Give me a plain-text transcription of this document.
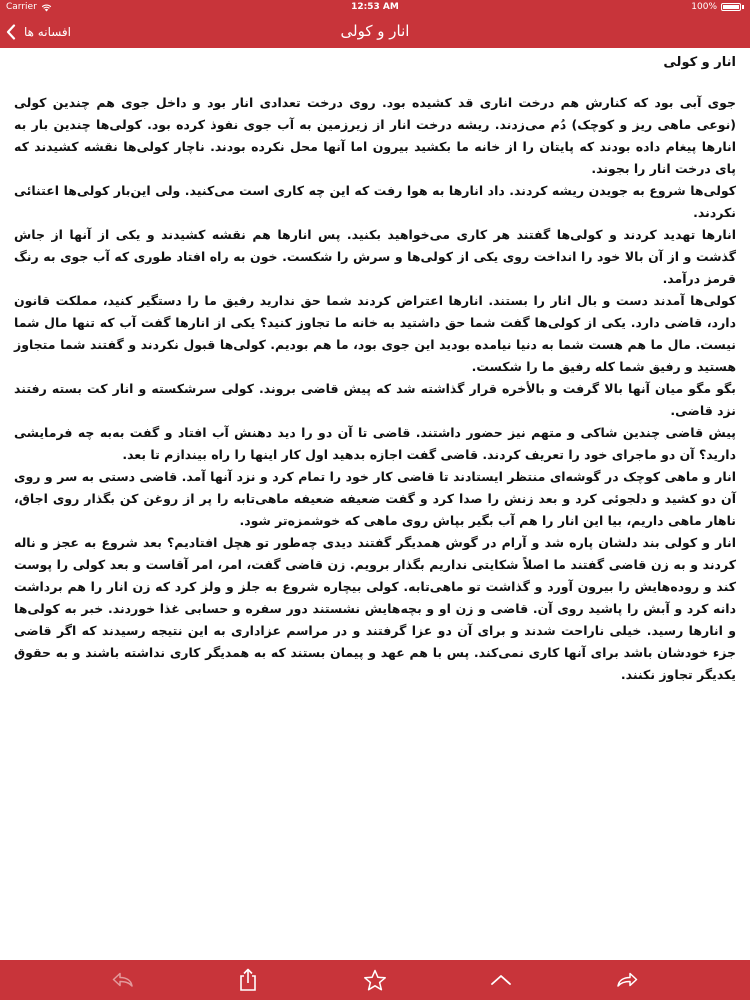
Carrier	12:53 AM	100%
افسانه ها	انار و کولی
انار و کولی

جوی آبی بود که کنارش هم درخت اناری قد کشیده بود. روی درخت تعدادی انار بود و داخل جوی هم چندین کولی (نوعی ماهی ریز و کوچک) دُم می‌زدند. ریشه درخت انار از زیرزمین به آب جوی نفوذ کرده بود. کولی‌ها چندین بار به انارها پیغام داده بودند که پایتان را از خانه ما بکشید بیرون اما آنها محل نکرده بودند. ناچار کولی‌ها نقشه کشیدند که پای درخت انار را بجوند.

کولی‌ها شروع به جویدن ریشه کردند. داد انارها به هوا رفت که این چه کاری است می‌کنید. ولی این‌بار کولی‌ها اعتنائی نکردند.

انارها تهدید کردند و کولی‌ها گفتند هر کاری می‌خواهید بکنید. پس انارها هم نقشه کشیدند و یکی از آنها از جاش گذشت و از آن بالا خود را انداخت روی یکی از کولی‌ها و سرش را شکست. خون به راه افتاد طوری که آب جوی به رنگ قرمز درآمد.

کولی‌ها آمدند دست و بال انار را بستند. انارها اعتراض کردند شما حق ندارید رفیق ما را دستگیر کنید، مملکت قانون دارد، قاضی دارد. یکی از کولی‌ها گفت شما حق داشتید به خانه ما تجاوز کنید؟ یکی از انارها گفت آب که تنها مال شما نیست. مال ما هم هست شما به دنیا نیامده بودید این جوی بود، ما هم بودیم. کولی‌ها قبول نکردند و گفتند شما متجاوز هستید و رفیق شما کله رفیق ما را شکست.

بگو مگو میان آنها بالا گرفت و بالأخره قرار گذاشته شد که پیش قاضی بروند. کولی سرشکسته و انار کت بسته رفتند نزد قاضی.

پیش قاضی چندین شاکی و متهم نیز حضور داشتند. قاضی تا آن دو را دید دهنش آب افتاد و گفت به‌به چه فرمایشی دارید؟ آن دو ماجرای خود را تعریف کردند. قاضی گفت اجازه بدهید اول کار اینها را راه بیندازم تا بعد.

انار و ماهی کوچک در گوشه‌ای منتظر ایستادند تا قاضی کار خود را تمام کرد و نزد آنها آمد. قاضی دستی به سر و روی آن دو کشید و دلجوئی کرد و بعد زنش را صدا کرد و گفت ضعیفه ضعیفه ماهی‌تابه را پر از روغن کن بگذار روی اجاق، ناهار ماهی داریم، بیا این انار را هم آب بگیر بپاش روی ماهی که خوشمزه‌تر شود.

انار و کولی بند دلشان پاره شد و آرام در گوش همدیگر گفتند دیدی چه‌طور تو هچل افتادیم؟ بعد شروع به عجز و ناله کردند و به زن قاضی گفتند ما اصلاً شکایتی نداریم بگذار برویم. زن قاضی گفت، امر، امر آقاست و بعد کولی را پوست کند و روده‌هایش را بیرون آورد و گذاشت تو ماهی‌تابه. کولی بیچاره شروع به جلز و ولز کرد که زن انار را هم برداشت دانه کرد و آبش را پاشید روی آن. قاضی و زن او و بچه‌هایش نشستند دور سفره و حسابی غذا خوردند. خبر به کولی‌ها و انارها رسید. خیلی ناراحت شدند و برای آن دو عزا گرفتند و در مراسم عزاداری به این نتیجه رسیدند که اگر قاضی جزء خودشان باشد برای آنها کاری نمی‌کند. پس با هم عهد و پیمان بستند که به همدیگر کاری نداشته باشند و به حقوق یکدیگر تجاوز نکنند.
